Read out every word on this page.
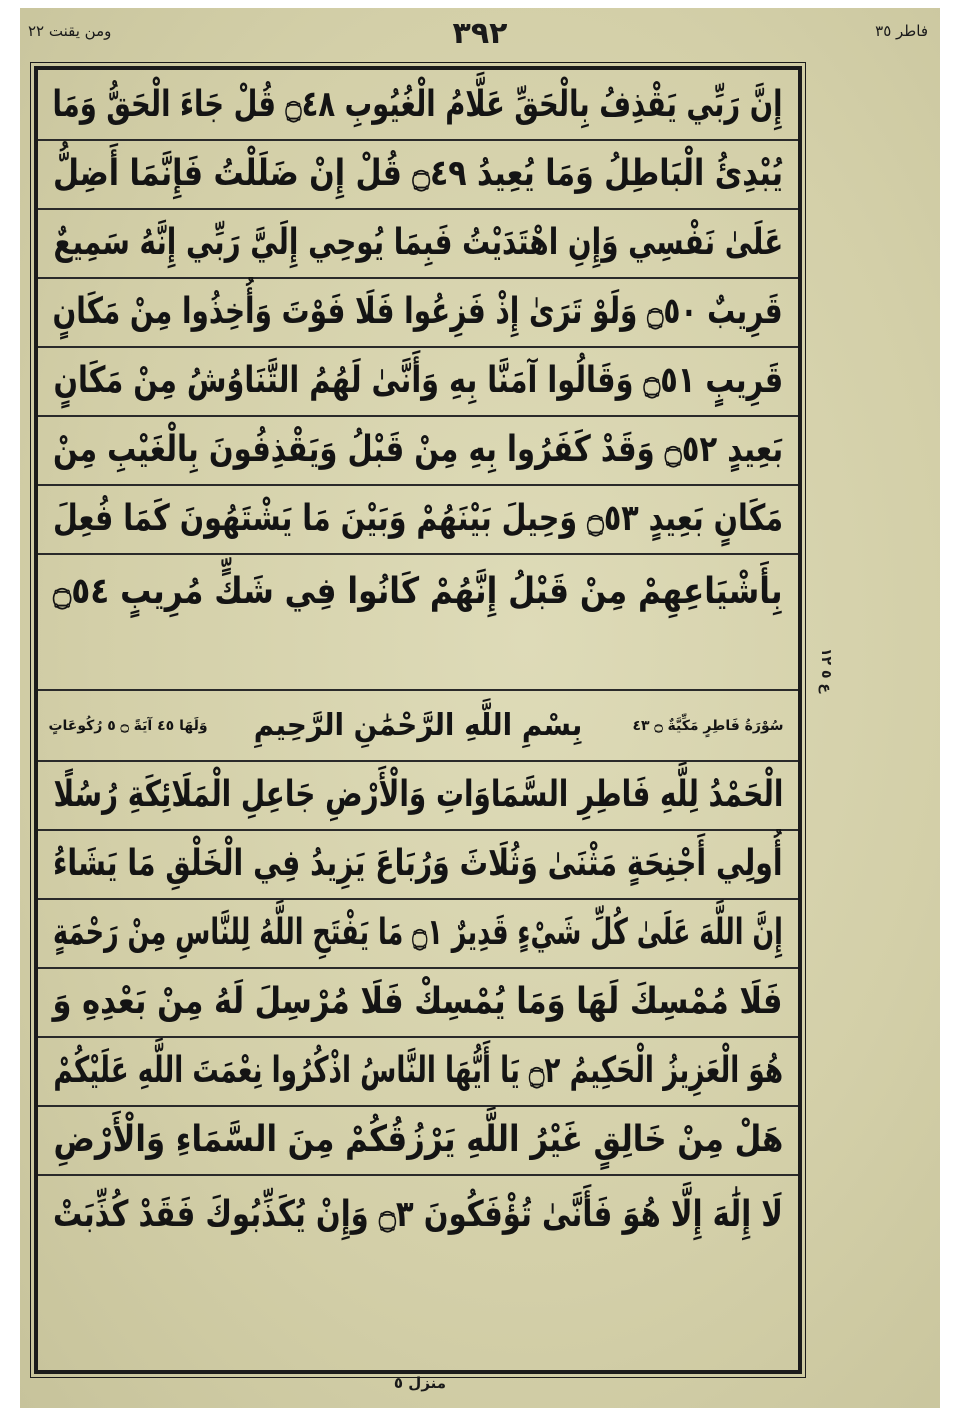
ومن يقنت ٢٢	٣٩٢	فاطر ٣٥
إِنَّ رَبِّي يَقْذِفُ بِالْحَقِّ عَلَّامُ الْغُيُوبِ ۝٤٨ قُلْ جَاءَ الْحَقُّ وَمَا
يُبْدِئُ الْبَاطِلُ وَمَا يُعِيدُ ۝٤٩ قُلْ إِنْ ضَلَلْتُ فَإِنَّمَا أَضِلُّ
عَلَىٰ نَفْسِي وَإِنِ اهْتَدَيْتُ فَبِمَا يُوحِي إِلَيَّ رَبِّي إِنَّهُ سَمِيعٌ
قَرِيبٌ ۝٥٠ وَلَوْ تَرَىٰ إِذْ فَزِعُوا فَلَا فَوْتَ وَأُخِذُوا مِنْ مَكَانٍ
قَرِيبٍ ۝٥١ وَقَالُوا آمَنَّا بِهِ وَأَنَّىٰ لَهُمُ التَّنَاوُشُ مِنْ مَكَانٍ
بَعِيدٍ ۝٥٢ وَقَدْ كَفَرُوا بِهِ مِنْ قَبْلُ وَيَقْذِفُونَ بِالْغَيْبِ مِنْ
مَكَانٍ بَعِيدٍ ۝٥٣ وَحِيلَ بَيْنَهُمْ وَبَيْنَ مَا يَشْتَهُونَ كَمَا فُعِلَ
بِأَشْيَاعِهِمْ مِنْ قَبْلُ إِنَّهُمْ كَانُوا فِي شَكٍّ مُرِيبٍ ۝٥٤
سُوْرَةُ فَاطِرٍ مَكِّيَّةٌ ۝ ٤٣
بِسْمِ اللَّهِ الرَّحْمَٰنِ الرَّحِيمِ
وَلَهَا ٤٥ آيَةً ۝ ٥ رُكُوعَاتٍ
الْحَمْدُ لِلَّهِ فَاطِرِ السَّمَاوَاتِ وَالْأَرْضِ جَاعِلِ الْمَلَائِكَةِ رُسُلًا
أُولِي أَجْنِحَةٍ مَثْنَىٰ وَثُلَاثَ وَرُبَاعَ يَزِيدُ فِي الْخَلْقِ مَا يَشَاءُ
إِنَّ اللَّهَ عَلَىٰ كُلِّ شَيْءٍ قَدِيرٌ ۝١ مَا يَفْتَحِ اللَّهُ لِلنَّاسِ مِنْ رَحْمَةٍ
فَلَا مُمْسِكَ لَهَا وَمَا يُمْسِكْ فَلَا مُرْسِلَ لَهُ مِنْ بَعْدِهِ وَ
هُوَ الْعَزِيزُ الْحَكِيمُ ۝٢ يَا أَيُّهَا النَّاسُ اذْكُرُوا نِعْمَتَ اللَّهِ عَلَيْكُمْ
هَلْ مِنْ خَالِقٍ غَيْرُ اللَّهِ يَرْزُقُكُمْ مِنَ السَّمَاءِ وَالْأَرْضِ
لَا إِلَٰهَ إِلَّا هُوَ فَأَنَّىٰ تُؤْفَكُونَ ۝٣ وَإِنْ يُكَذِّبُوكَ فَقَدْ كُذِّبَتْ
ع ٥ ١٢
منزل ٥
